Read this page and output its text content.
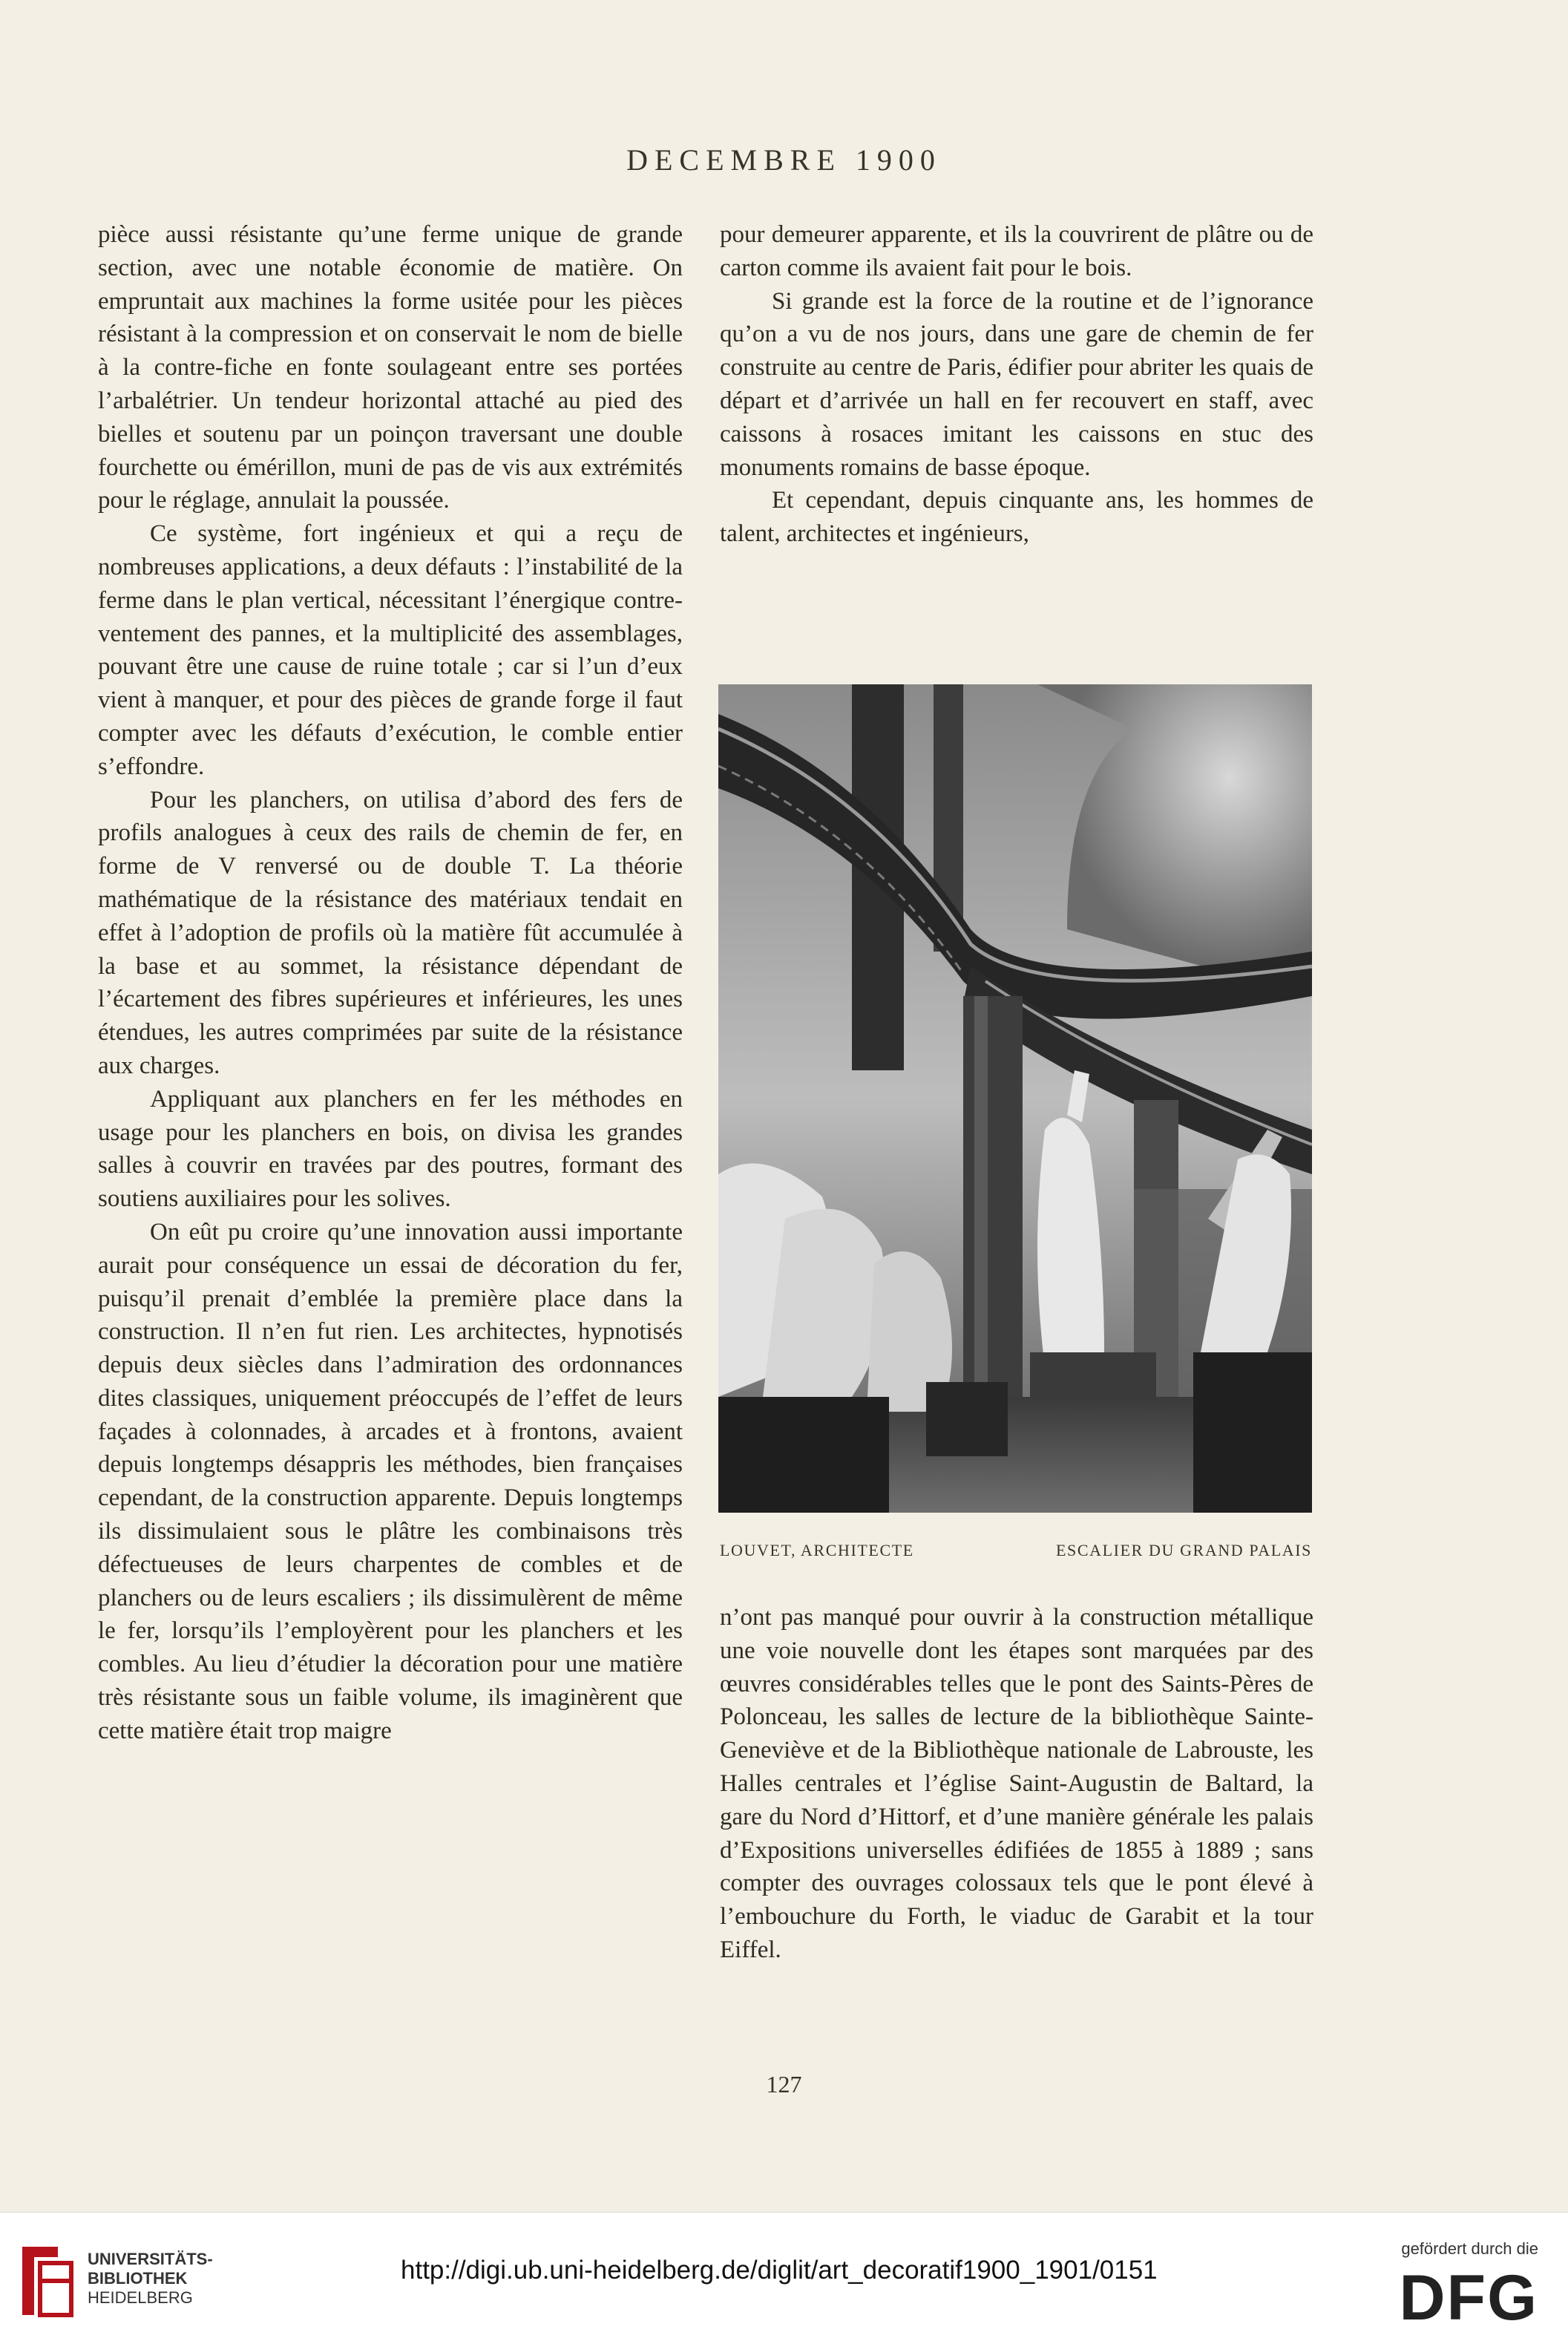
DECEMBRE 1900

pièce aussi résistante qu’une ferme unique de grande section, avec une notable économie de matière. On empruntait aux machines la forme usitée pour les pièces résistant à la compression et on conservait le nom de bielle à la contre-fiche en fonte soulageant entre ses portées l’arbalétrier. Un tendeur horizontal attaché au pied des bielles et soutenu par un poinçon traversant une double fourchette ou émérillon, muni de pas de vis aux extrémités pour le réglage, annulait la poussée.

Ce système, fort ingénieux et qui a reçu de nombreuses applications, a deux défauts : l’instabilité de la ferme dans le plan vertical, nécessitant l’énergique contre-ventement des pannes, et la multiplicité des assemblages, pouvant être une cause de ruine totale ; car si l’un d’eux vient à manquer, et pour des pièces de grande forge il faut compter avec les défauts d’exécution, le comble entier s’effondre.

Pour les planchers, on utilisa d’abord des fers de profils analogues à ceux des rails de chemin de fer, en forme de V renversé ou de double T. La théorie mathématique de la résistance des matériaux tendait en effet à l’adoption de profils où la matière fût accumulée à la base et au sommet, la résistance dépendant de l’écartement des fibres supérieures et inférieures, les unes étendues, les autres comprimées par suite de la résistance aux charges.

Appliquant aux planchers en fer les méthodes en usage pour les planchers en bois, on divisa les grandes salles à couvrir en travées par des poutres, formant des soutiens auxiliaires pour les solives.

On eût pu croire qu’une innovation aussi importante aurait pour conséquence un essai de décoration du fer, puisqu’il prenait d’emblée la première place dans la construction. Il n’en fut rien. Les architectes, hypnotisés depuis deux siècles dans l’admiration des ordonnances dites classiques, uniquement préoccupés de l’effet de leurs façades à colonnades, à arcades et à frontons, avaient depuis longtemps désappris les méthodes, bien françaises cependant, de la construction apparente. Depuis longtemps ils dissimulaient sous le plâtre les combinaisons très défectueuses de leurs charpentes de combles et de planchers ou de leurs escaliers ; ils dissimulèrent de même le fer, lorsqu’ils l’employèrent pour les planchers et les combles. Au lieu d’étudier la décoration pour une matière très résistante sous un faible volume, ils imaginèrent que cette matière était trop maigre

pour demeurer apparente, et ils la couvrirent de plâtre ou de carton comme ils avaient fait pour le bois.

Si grande est la force de la routine et de l’ignorance qu’on a vu de nos jours, dans une gare de chemin de fer construite au centre de Paris, édifier pour abriter les quais de départ et d’arrivée un hall en fer recouvert en staff, avec caissons à rosaces imitant les caissons en stuc des monuments romains de basse époque.

Et cependant, depuis cinquante ans, les hommes de talent, architectes et ingénieurs,

LOUVET, ARCHITECTE	ESCALIER DU GRAND PALAIS

n’ont pas manqué pour ouvrir à la construction métallique une voie nouvelle dont les étapes sont marquées par des œuvres considérables telles que le pont des Saints-Pères de Polonceau, les salles de lecture de la bibliothèque Sainte-Geneviève et de la Bibliothèque nationale de Labrouste, les Halles centrales et l’église Saint-Augustin de Baltard, la gare du Nord d’Hittorf, et d’une manière générale les palais d’Expositions universelles édifiées de 1855 à 1889 ; sans compter des ouvrages colossaux tels que le pont élevé à l’embouchure du Forth, le viaduc de Garabit et la tour Eiffel.

127
UNIVERSITÄTS-
BIBLIOTHEK
HEIDELBERG
http://digi.ub.uni-heidelberg.de/diglit/art_decoratif1900_1901/0151
gefördert durch die
DFG
